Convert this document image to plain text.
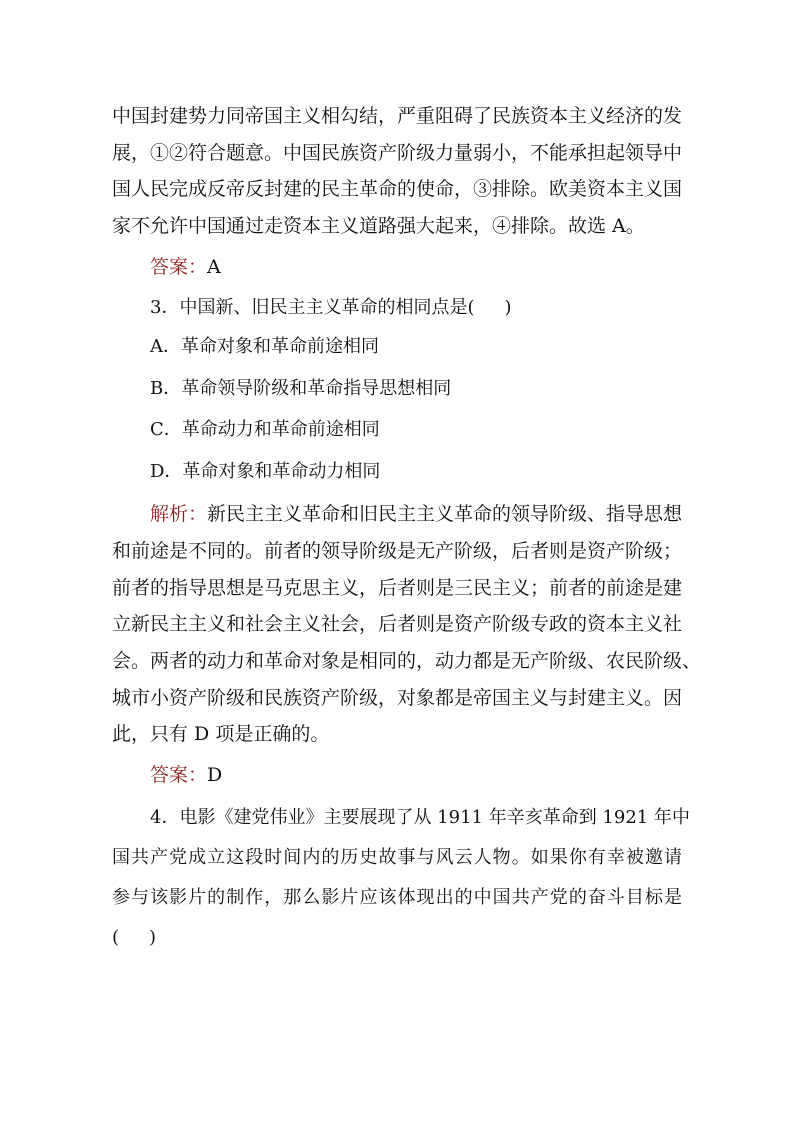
中国封建势力同帝国主义相勾结，严重阻碍了民族资本主义经济的发
展，①②符合题意。中国民族资产阶级力量弱小，不能承担起领导中
国人民完成反帝反封建的民主革命的使命，③排除。欧美资本主义国
家不允许中国通过走资本主义道路强大起来，④排除。故选 A。
答案：A
3．中国新、旧民主主义革命的相同点是( )

A．革命对象和革命前途相同

B．革命领导阶级和革命指导思想相同

C．革命动力和革命前途相同

D．革命对象和革命动力相同

解析：新民主主义革命和旧民主主义革命的领导阶级、指导思想
和前途是不同的。前者的领导阶级是无产阶级，后者则是资产阶级；
前者的指导思想是马克思主义，后者则是三民主义；前者的前途是建
立新民主主义和社会主义社会，后者则是资产阶级专政的资本主义社
会。两者的动力和革命对象是相同的，动力都是无产阶级、农民阶级、
城市小资产阶级和民族资产阶级，对象都是帝国主义与封建主义。因
此，只有 D 项是正确的。
答案：D
4．电影《建党伟业》主要展现了从 1911 年辛亥革命到 1921 年中
国共产党成立这段时间内的历史故事与风云人物。如果你有幸被邀请
参与该影片的制作，那么影片应该体现出的中国共产党的奋斗目标是
( )
